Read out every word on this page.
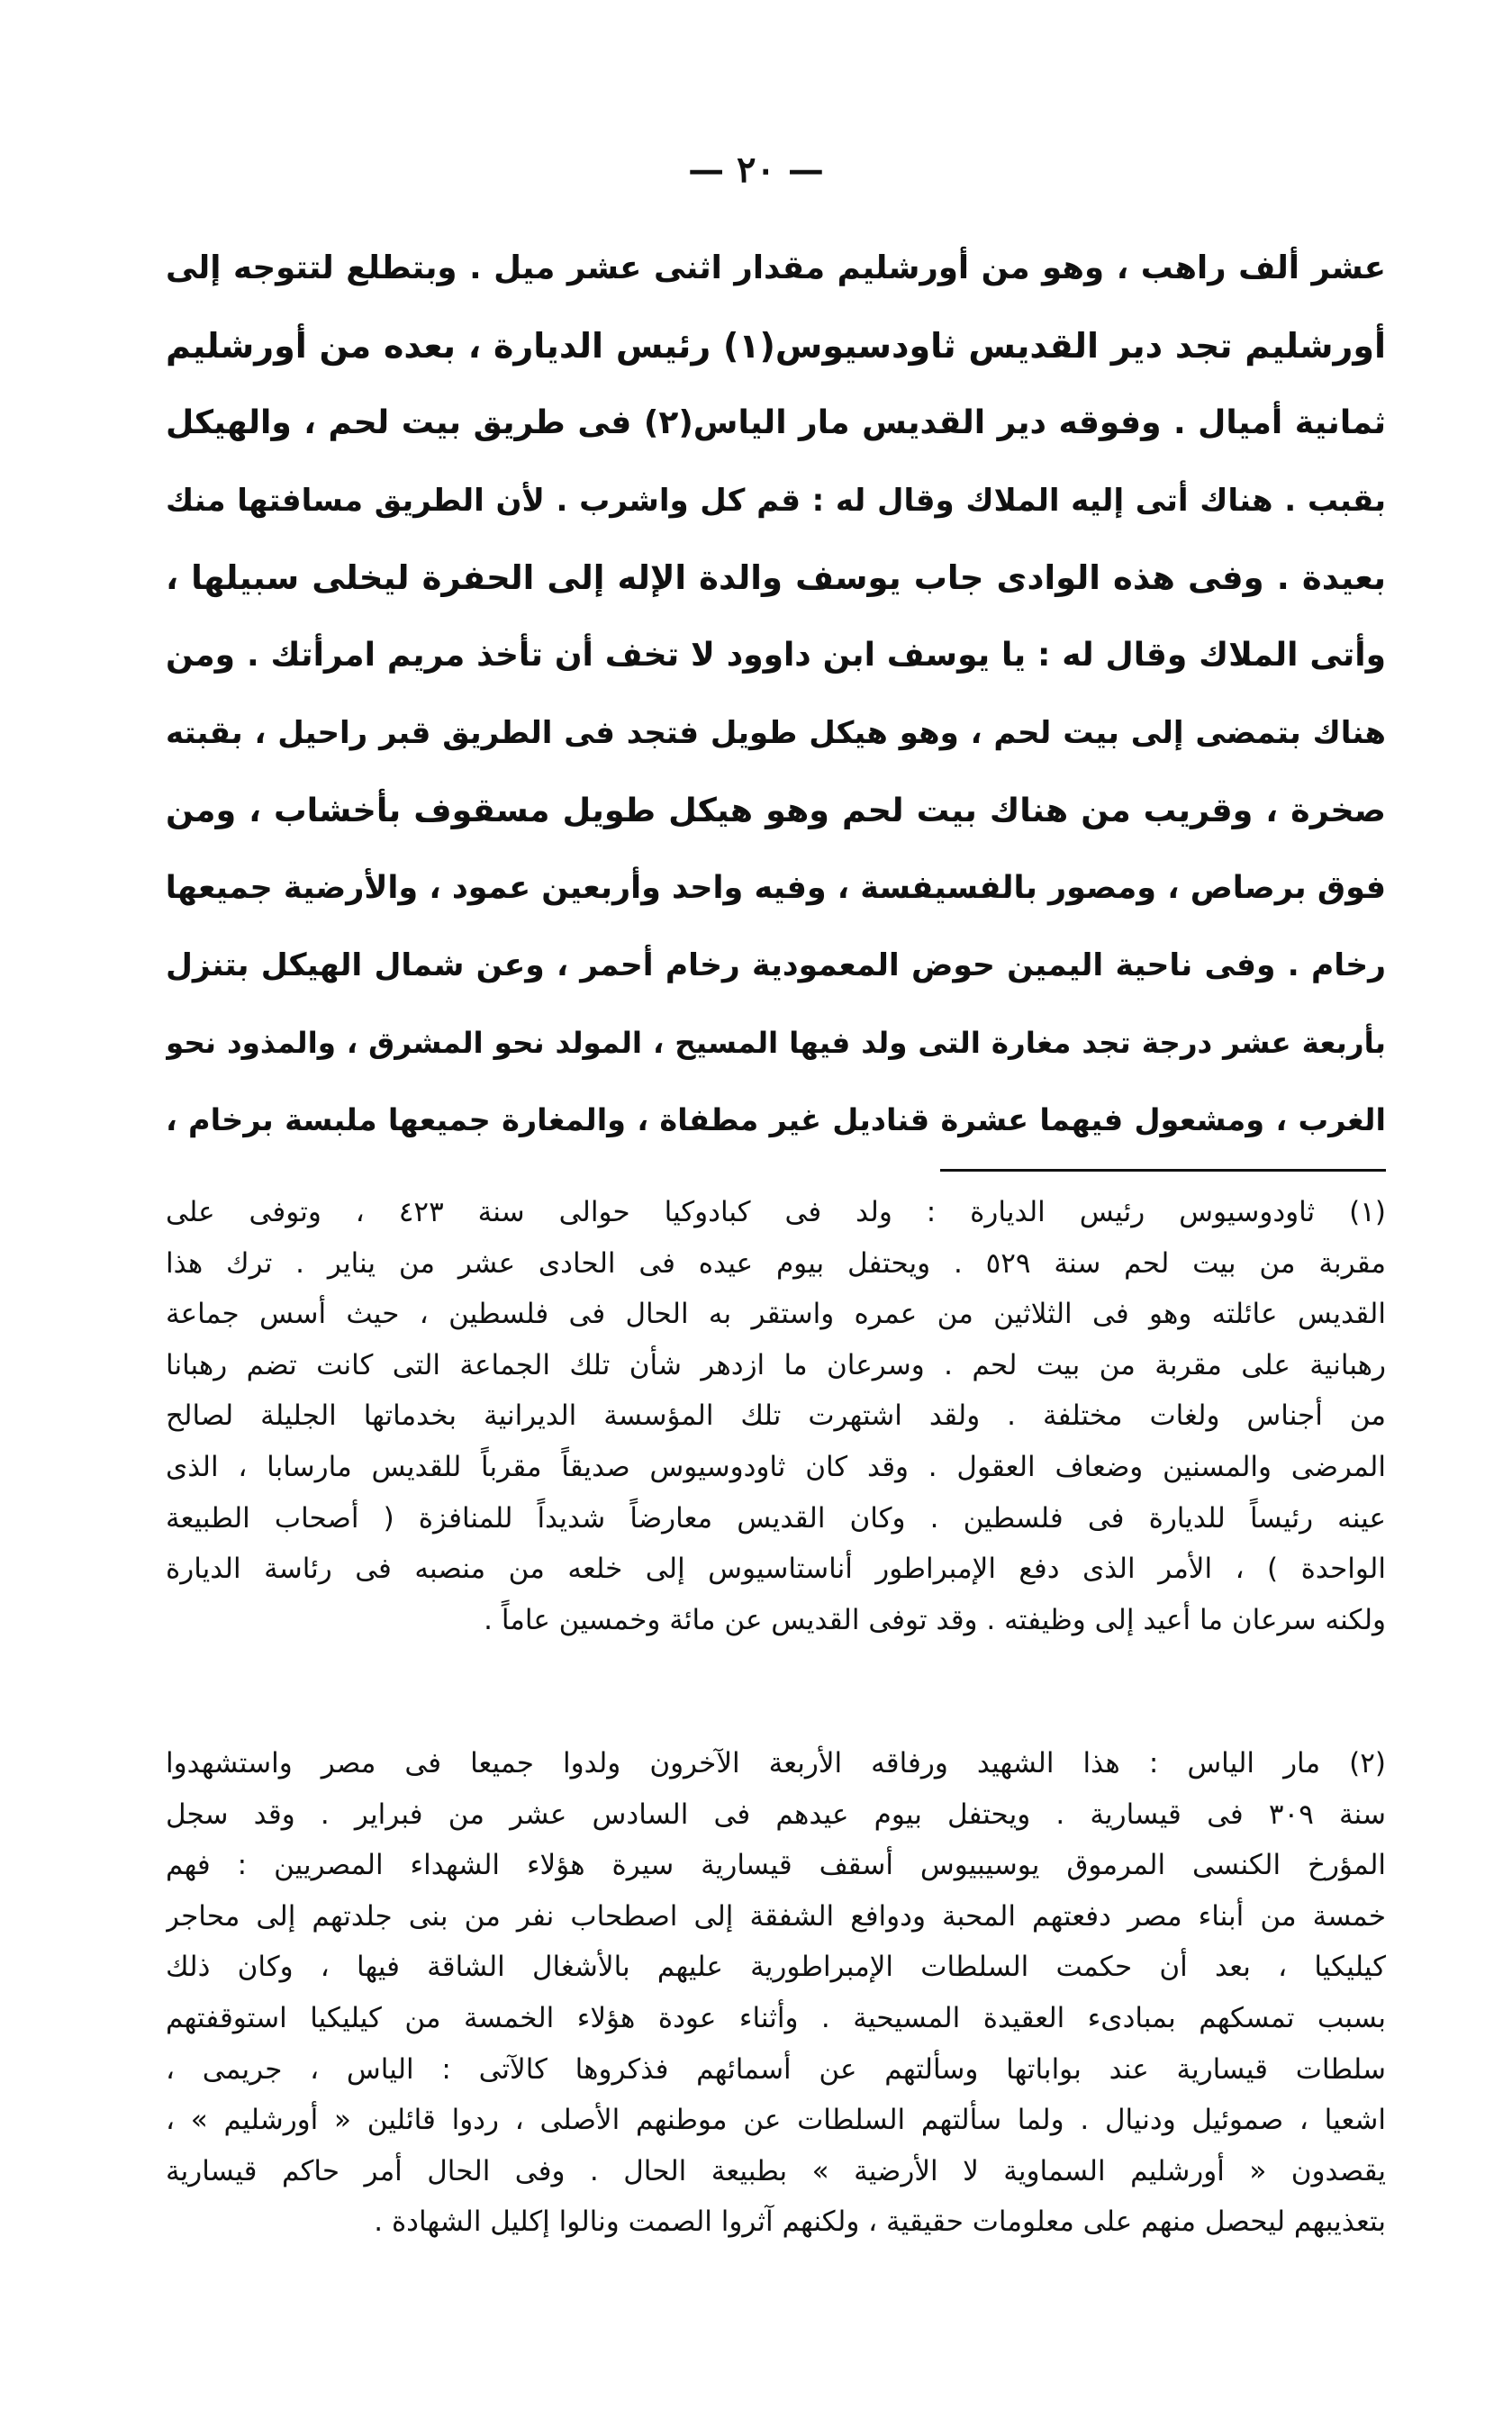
— ٢٠ —
عشر ألف راهب ، وهو من أورشليم مقدار اثنى عشر ميل . وبتطلع لتتوجه إلى
أورشليم تجد دير القديس ثاودسيوس(١) رئيس الديارة ، بعده من أورشليم
ثمانية أميال . وفوقه دير القديس مار الياس(٢) فى طريق بيت لحم ، والهيكل
بقبب . هناك أتى إليه الملاك وقال له : قم كل واشرب . لأن الطريق مسافتها منك
بعيدة . وفى هذه الوادى جاب يوسف والدة الإله إلى الحفرة ليخلى سبيلها ،
وأتى الملاك وقال له : يا يوسف ابن داوود لا تخف أن تأخذ مريم امرأتك . ومن
هناك بتمضى إلى بيت لحم ، وهو هيكل طويل فتجد فى الطريق قبر راحيل ، بقبته
صخرة ، وقريب من هناك بيت لحم وهو هيكل طويل مسقوف بأخشاب ، ومن
فوق برصاص ، ومصور بالفسيفسة ، وفيه واحد وأربعين عمود ، والأرضية جميعها
رخام . وفى ناحية اليمين حوض المعمودية رخام أحمر ، وعن شمال الهيكل بتنزل
بأربعة عشر درجة تجد مغارة التى ولد فيها المسيح ، المولد نحو المشرق ، والمذود نحو
الغرب ، ومشعول فيهما عشرة قناديل غير مطفاة ، والمغارة جميعها ملبسة برخام ،
(١) ثاودوسيوس رئيس الديارة : ولد فى كبادوكيا حوالى سنة ٤٢٣ ، وتوفى على
مقربة من بيت لحم سنة ٥٢٩ . ويحتفل بيوم عيده فى الحادى عشر من يناير . ترك هذا
القديس عائلته وهو فى الثلاثين من عمره واستقر به الحال فى فلسطين ، حيث أسس جماعة
رهبانية على مقربة من بيت لحم . وسرعان ما ازدهر شأن تلك الجماعة التى كانت تضم رهبانا
من أجناس ولغات مختلفة . ولقد اشتهرت تلك المؤسسة الديرانية بخدماتها الجليلة لصالح
المرضى والمسنين وضعاف العقول . وقد كان ثاودوسيوس صديقاً مقرباً للقديس مارسابا ، الذى
عينه رئيساً للديارة فى فلسطين . وكان القديس معارضاً شديداً للمنافزة ( أصحاب الطبيعة
الواحدة ) ، الأمر الذى دفع الإمبراطور أناستاسيوس إلى خلعه من منصبه فى رئاسة الديارة
ولكنه سرعان ما أعيد إلى وظيفته . وقد توفى القديس عن مائة وخمسين عاماً .
(٢) مار الياس : هذا الشهيد ورفاقه الأربعة الآخرون ولدوا جميعا فى مصر واستشهدوا
سنة ٣٠٩ فى قيسارية . ويحتفل بيوم عيدهم فى السادس عشر من فبراير . وقد سجل
المؤرخ الكنسى المرموق يوسيبيوس أسقف قيسارية سيرة هؤلاء الشهداء المصريين : فهم
خمسة من أبناء مصر دفعتهم المحبة ودوافع الشفقة إلى اصطحاب نفر من بنى جلدتهم إلى محاجر
كيليكيا ، بعد أن حكمت السلطات الإمبراطورية عليهم بالأشغال الشاقة فيها ، وكان ذلك
بسبب تمسكهم بمبادىء العقيدة المسيحية . وأثناء عودة هؤلاء الخمسة من كيليكيا استوقفتهم
سلطات قيسارية عند بواباتها وسألتهم عن أسمائهم فذكروها كالآتى : الياس ، جريمى ،
اشعيا ، صموئيل ودنيال . ولما سألتهم السلطات عن موطنهم الأصلى ، ردوا قائلين « أورشليم » ،
يقصدون « أورشليم السماوية لا الأرضية » بطبيعة الحال . وفى الحال أمر حاكم قيسارية
بتعذيبهم ليحصل منهم على معلومات حقيقية ، ولكنهم آثروا الصمت ونالوا إكليل الشهادة .
